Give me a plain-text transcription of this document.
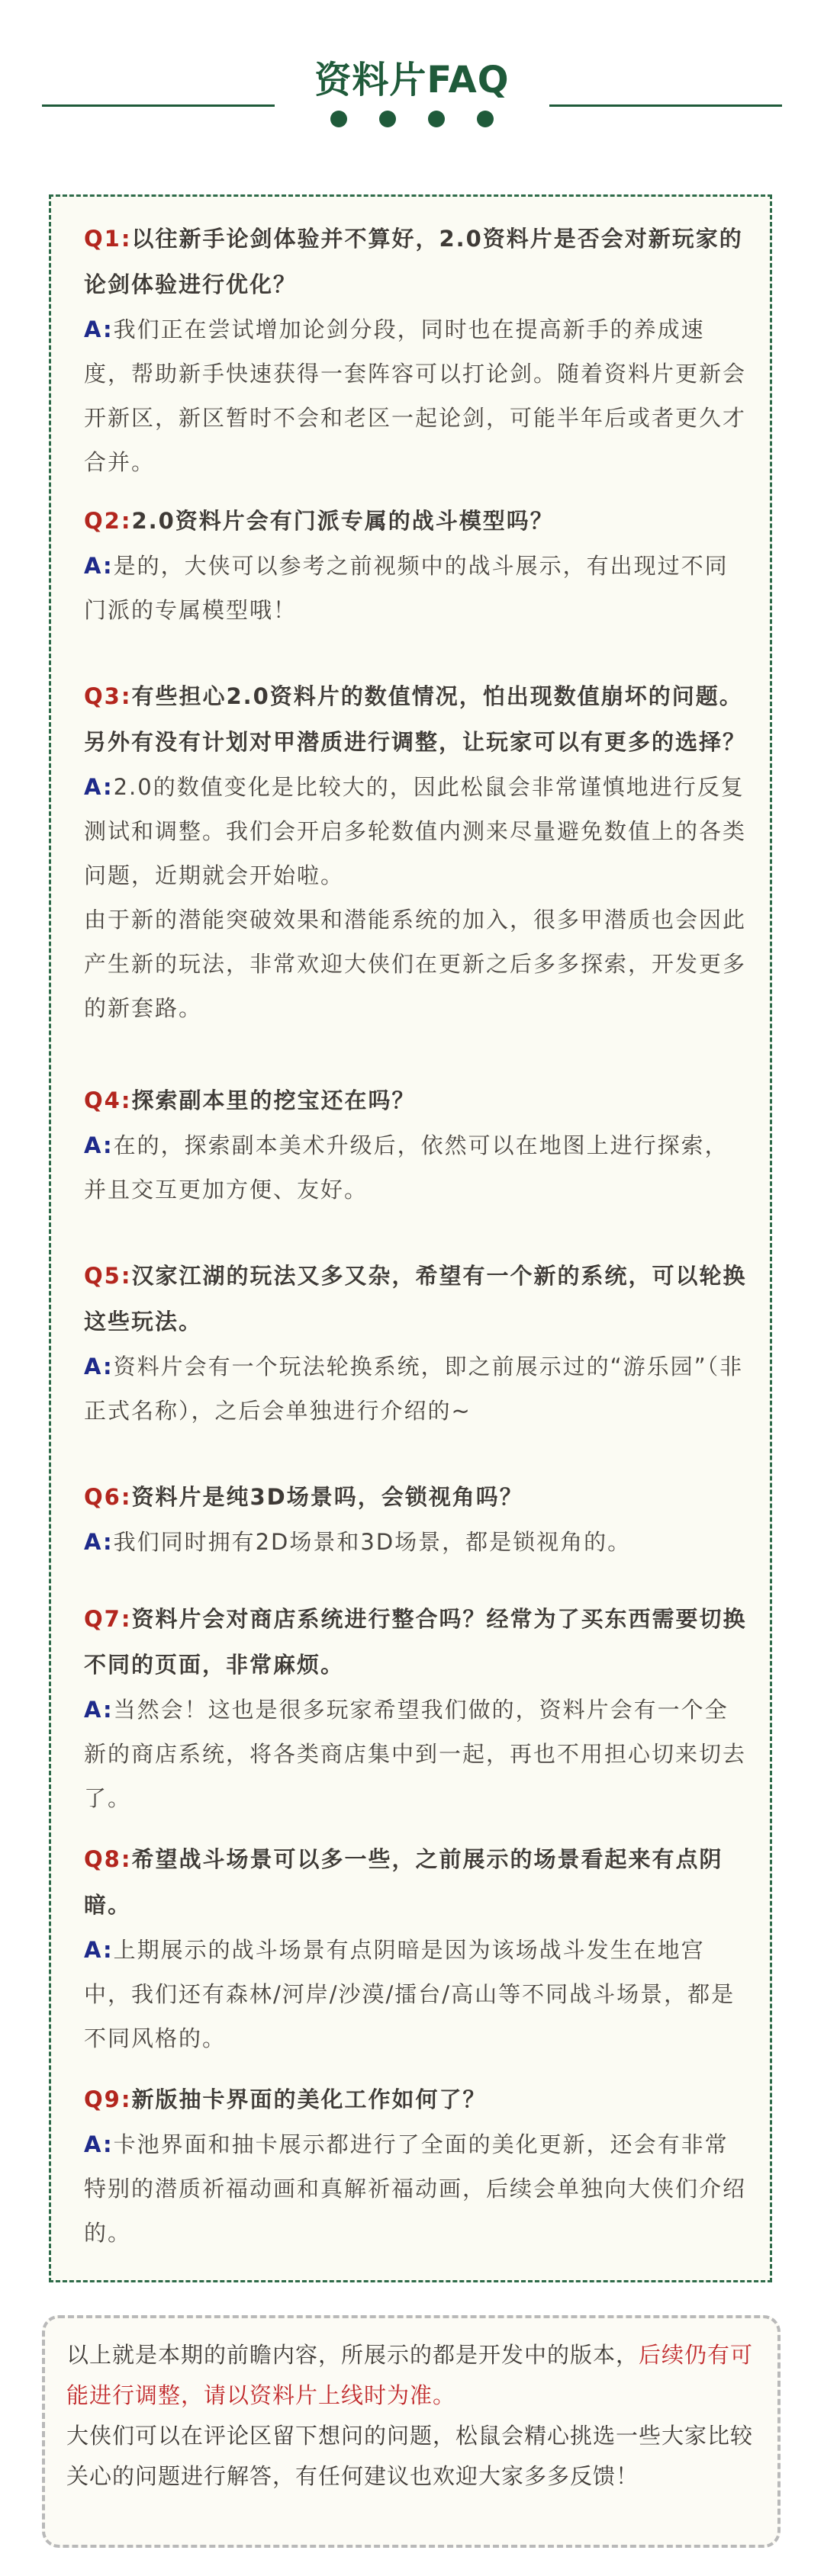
资料片FAQ

Q1:以往新手论剑体验并不算好，2.0资料片是否会对新玩家的论剑体验进行优化？

A:我们正在尝试增加论剑分段，同时也在提高新手的养成速度，帮助新手快速获得一套阵容可以打论剑。随着资料片更新会开新区，新区暂时不会和老区一起论剑，可能半年后或者更久才合并。

Q2:2.0资料片会有门派专属的战斗模型吗？

A:是的，大侠可以参考之前视频中的战斗展示，有出现过不同门派的专属模型哦！

Q3:有些担心2.0资料片的数值情况，怕出现数值崩坏的问题。另外有没有计划对甲潜质进行调整，让玩家可以有更多的选择？

A:2.0的数值变化是比较大的，因此松鼠会非常谨慎地进行反复测试和调整。我们会开启多轮数值内测来尽量避免数值上的各类问题，近期就会开始啦。

由于新的潜能突破效果和潜能系统的加入，很多甲潜质也会因此产生新的玩法，非常欢迎大侠们在更新之后多多探索，开发更多的新套路。

Q4:探索副本里的挖宝还在吗？

A:在的，探索副本美术升级后，依然可以在地图上进行探索，并且交互更加方便、友好。

Q5:汉家江湖的玩法又多又杂，希望有一个新的系统，可以轮换这些玩法。

A:资料片会有一个玩法轮换系统，即之前展示过的“游乐园”（非正式名称），之后会单独进行介绍的~

Q6:资料片是纯3D场景吗，会锁视角吗？

A:我们同时拥有2D场景和3D场景，都是锁视角的。

Q7:资料片会对商店系统进行整合吗？经常为了买东西需要切换不同的页面，非常麻烦。

A:当然会！这也是很多玩家希望我们做的，资料片会有一个全新的商店系统，将各类商店集中到一起，再也不用担心切来切去了。

Q8:希望战斗场景可以多一些，之前展示的场景看起来有点阴暗。

A:上期展示的战斗场景有点阴暗是因为该场战斗发生在地宫中，我们还有森林/河岸/沙漠/擂台/高山等不同战斗场景，都是不同风格的。

Q9:新版抽卡界面的美化工作如何了？

A:卡池界面和抽卡展示都进行了全面的美化更新，还会有非常特别的潜质祈福动画和真解祈福动画，后续会单独向大侠们介绍的。

以上就是本期的前瞻内容，所展示的都是开发中的版本，后续仍有可能进行调整，请以资料片上线时为准。

大侠们可以在评论区留下想问的问题，松鼠会精心挑选一些大家比较关心的问题进行解答，有任何建议也欢迎大家多多反馈！
